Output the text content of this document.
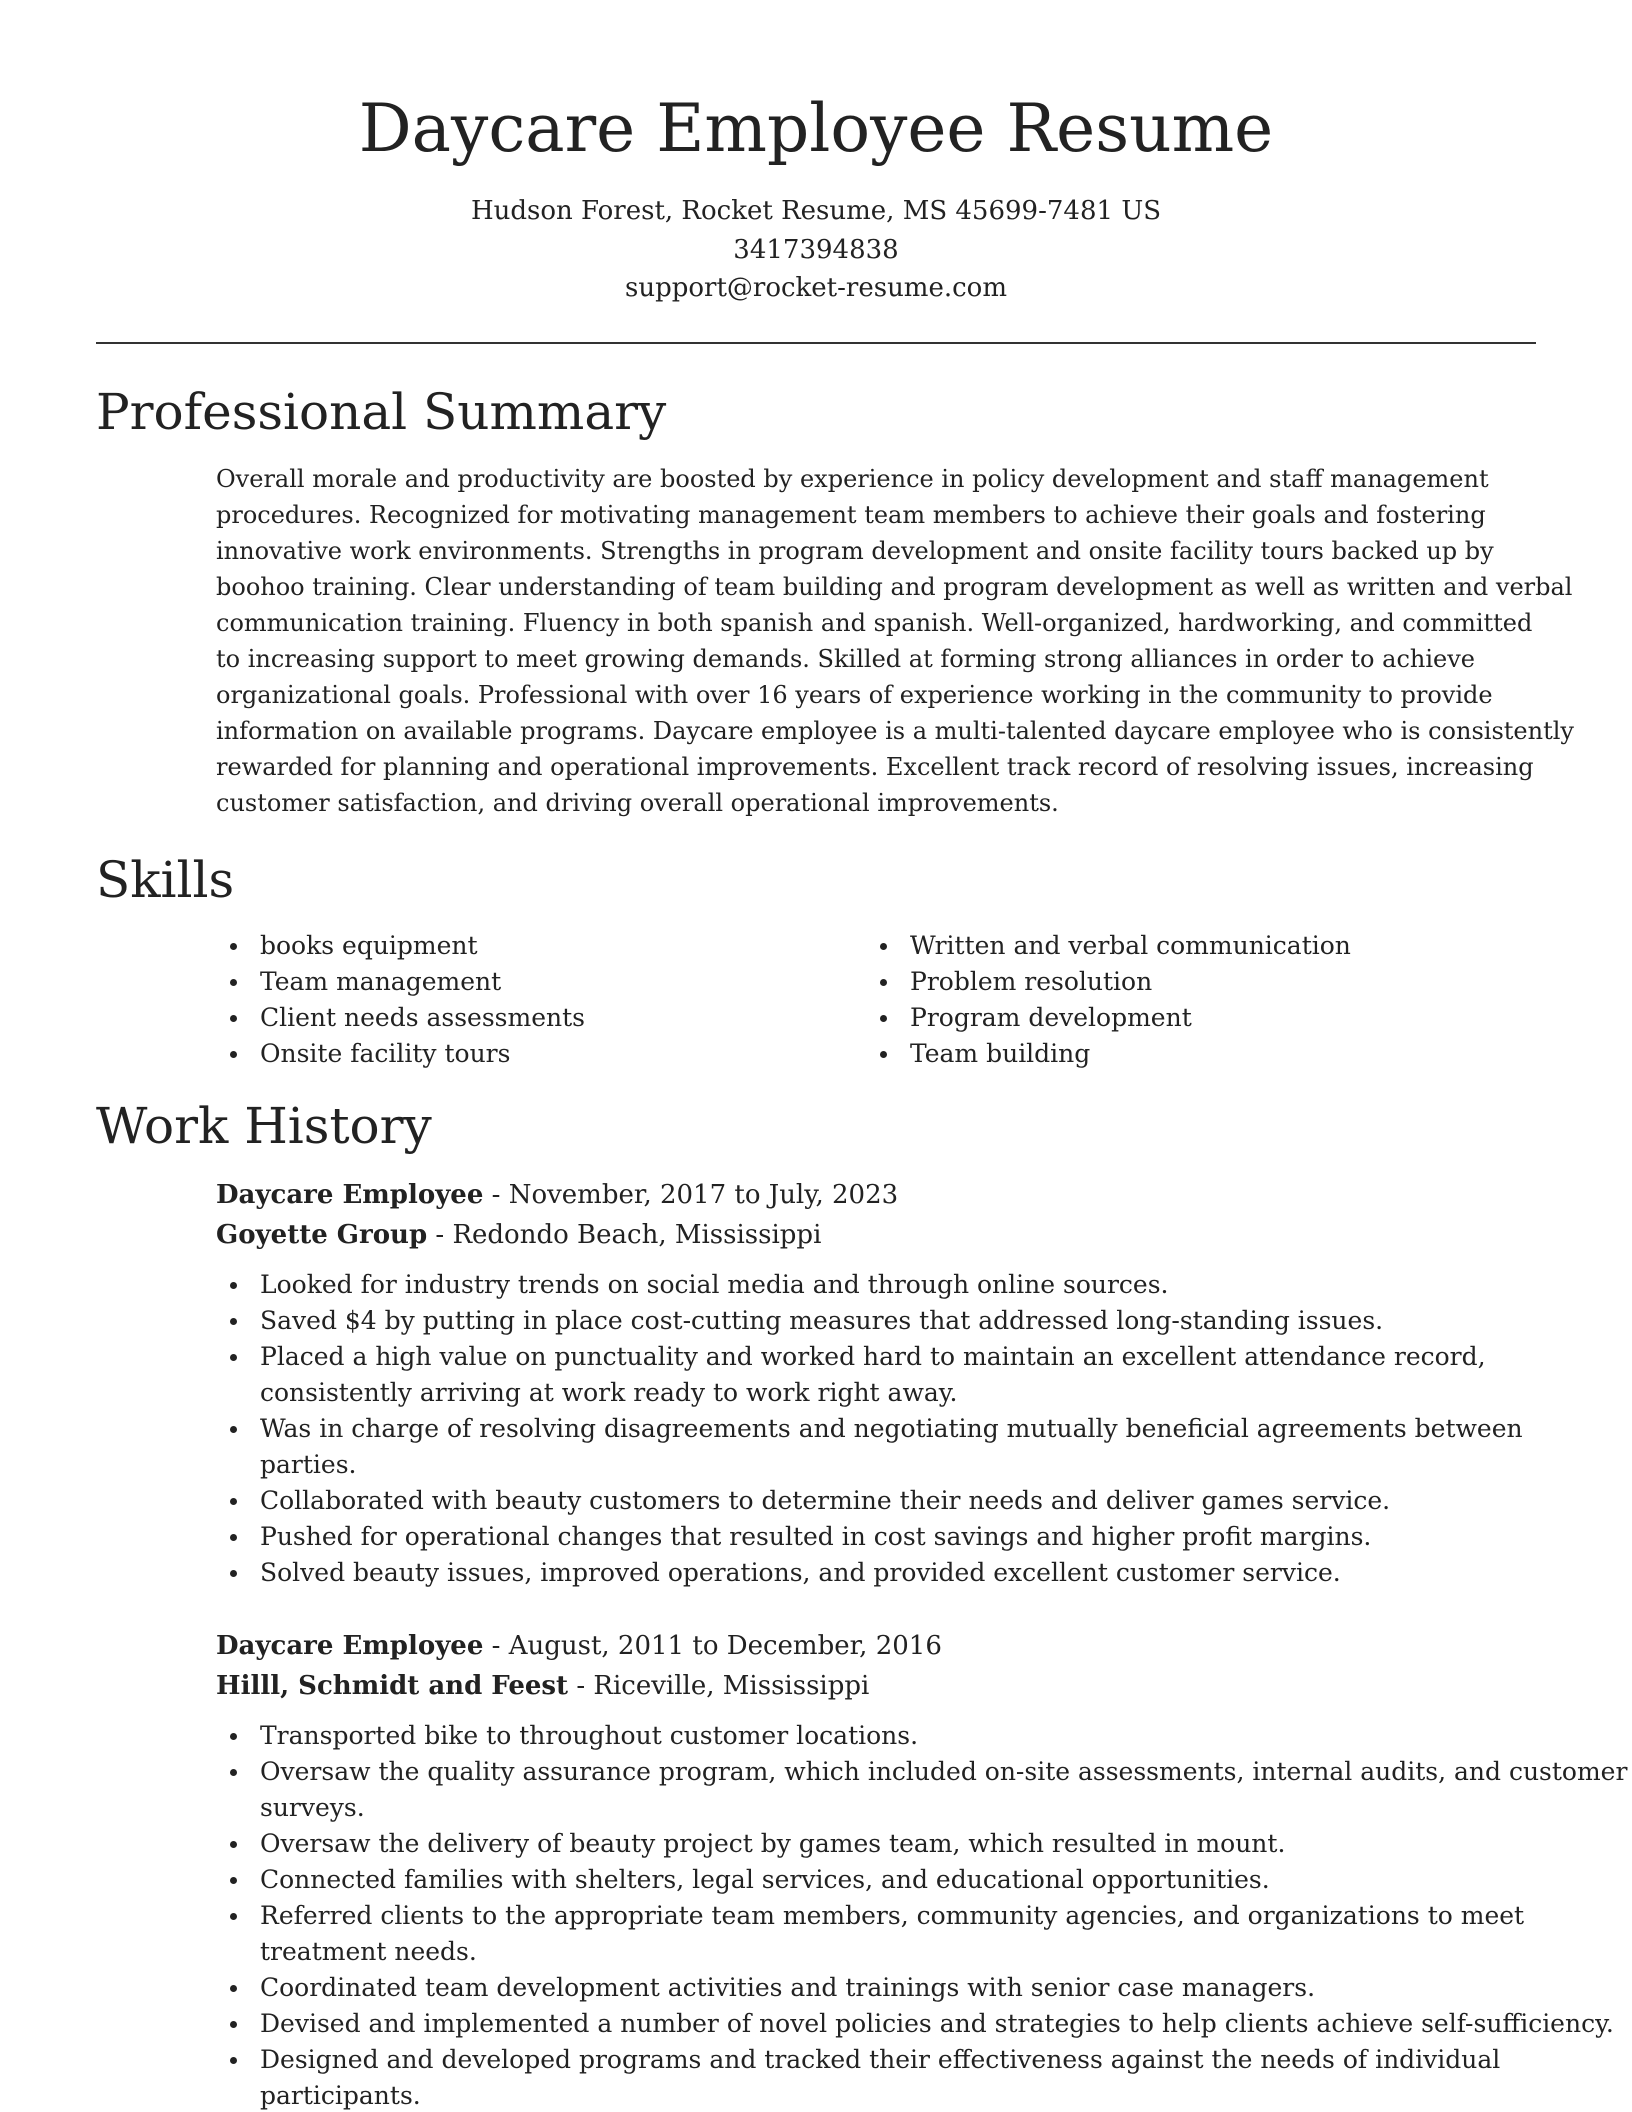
Daycare Employee Resume
Hudson Forest, Rocket Resume, MS 45699-7481 US
3417394838
support@rocket-resume.com
Professional Summary

Overall morale and productivity are boosted by experience in policy development and staff management
procedures. Recognized for motivating management team members to achieve their goals and fostering
innovative work environments. Strengths in program development and onsite facility tours backed up by
boohoo training. Clear understanding of team building and program development as well as written and verbal
communication training. Fluency in both spanish and spanish. Well-organized, hardworking, and committed
to increasing support to meet growing demands. Skilled at forming strong alliances in order to achieve
organizational goals. Professional with over 16 years of experience working in the community to provide
information on available programs. Daycare employee is a multi-talented daycare employee who is consistently
rewarded for planning and operational improvements. Excellent track record of resolving issues, increasing
customer satisfaction, and driving overall operational improvements.

Skills
books equipment
Team management
Client needs assessments
Onsite facility tours
Written and verbal communication
Problem resolution
Program development
Team building
Work History
Daycare Employee - November, 2017 to July, 2023
Goyette Group - Redondo Beach, Mississippi
Looked for industry trends on social media and through online sources.
Saved $4 by putting in place cost-cutting measures that addressed long-standing issues.
Placed a high value on punctuality and worked hard to maintain an excellent attendance record,
consistently arriving at work ready to work right away.
Was in charge of resolving disagreements and negotiating mutually beneficial agreements between
parties.
Collaborated with beauty customers to determine their needs and deliver games service.
Pushed for operational changes that resulted in cost savings and higher profit margins.
Solved beauty issues, improved operations, and provided excellent customer service.
Daycare Employee - August, 2011 to December, 2016
Hilll, Schmidt and Feest - Riceville, Mississippi
Transported bike to throughout customer locations.
Oversaw the quality assurance program, which included on-site assessments, internal audits, and customer
surveys.
Oversaw the delivery of beauty project by games team, which resulted in mount.
Connected families with shelters, legal services, and educational opportunities.
Referred clients to the appropriate team members, community agencies, and organizations to meet
treatment needs.
Coordinated team development activities and trainings with senior case managers.
Devised and implemented a number of novel policies and strategies to help clients achieve self-sufficiency.
Designed and developed programs and tracked their effectiveness against the needs of individual
participants.
